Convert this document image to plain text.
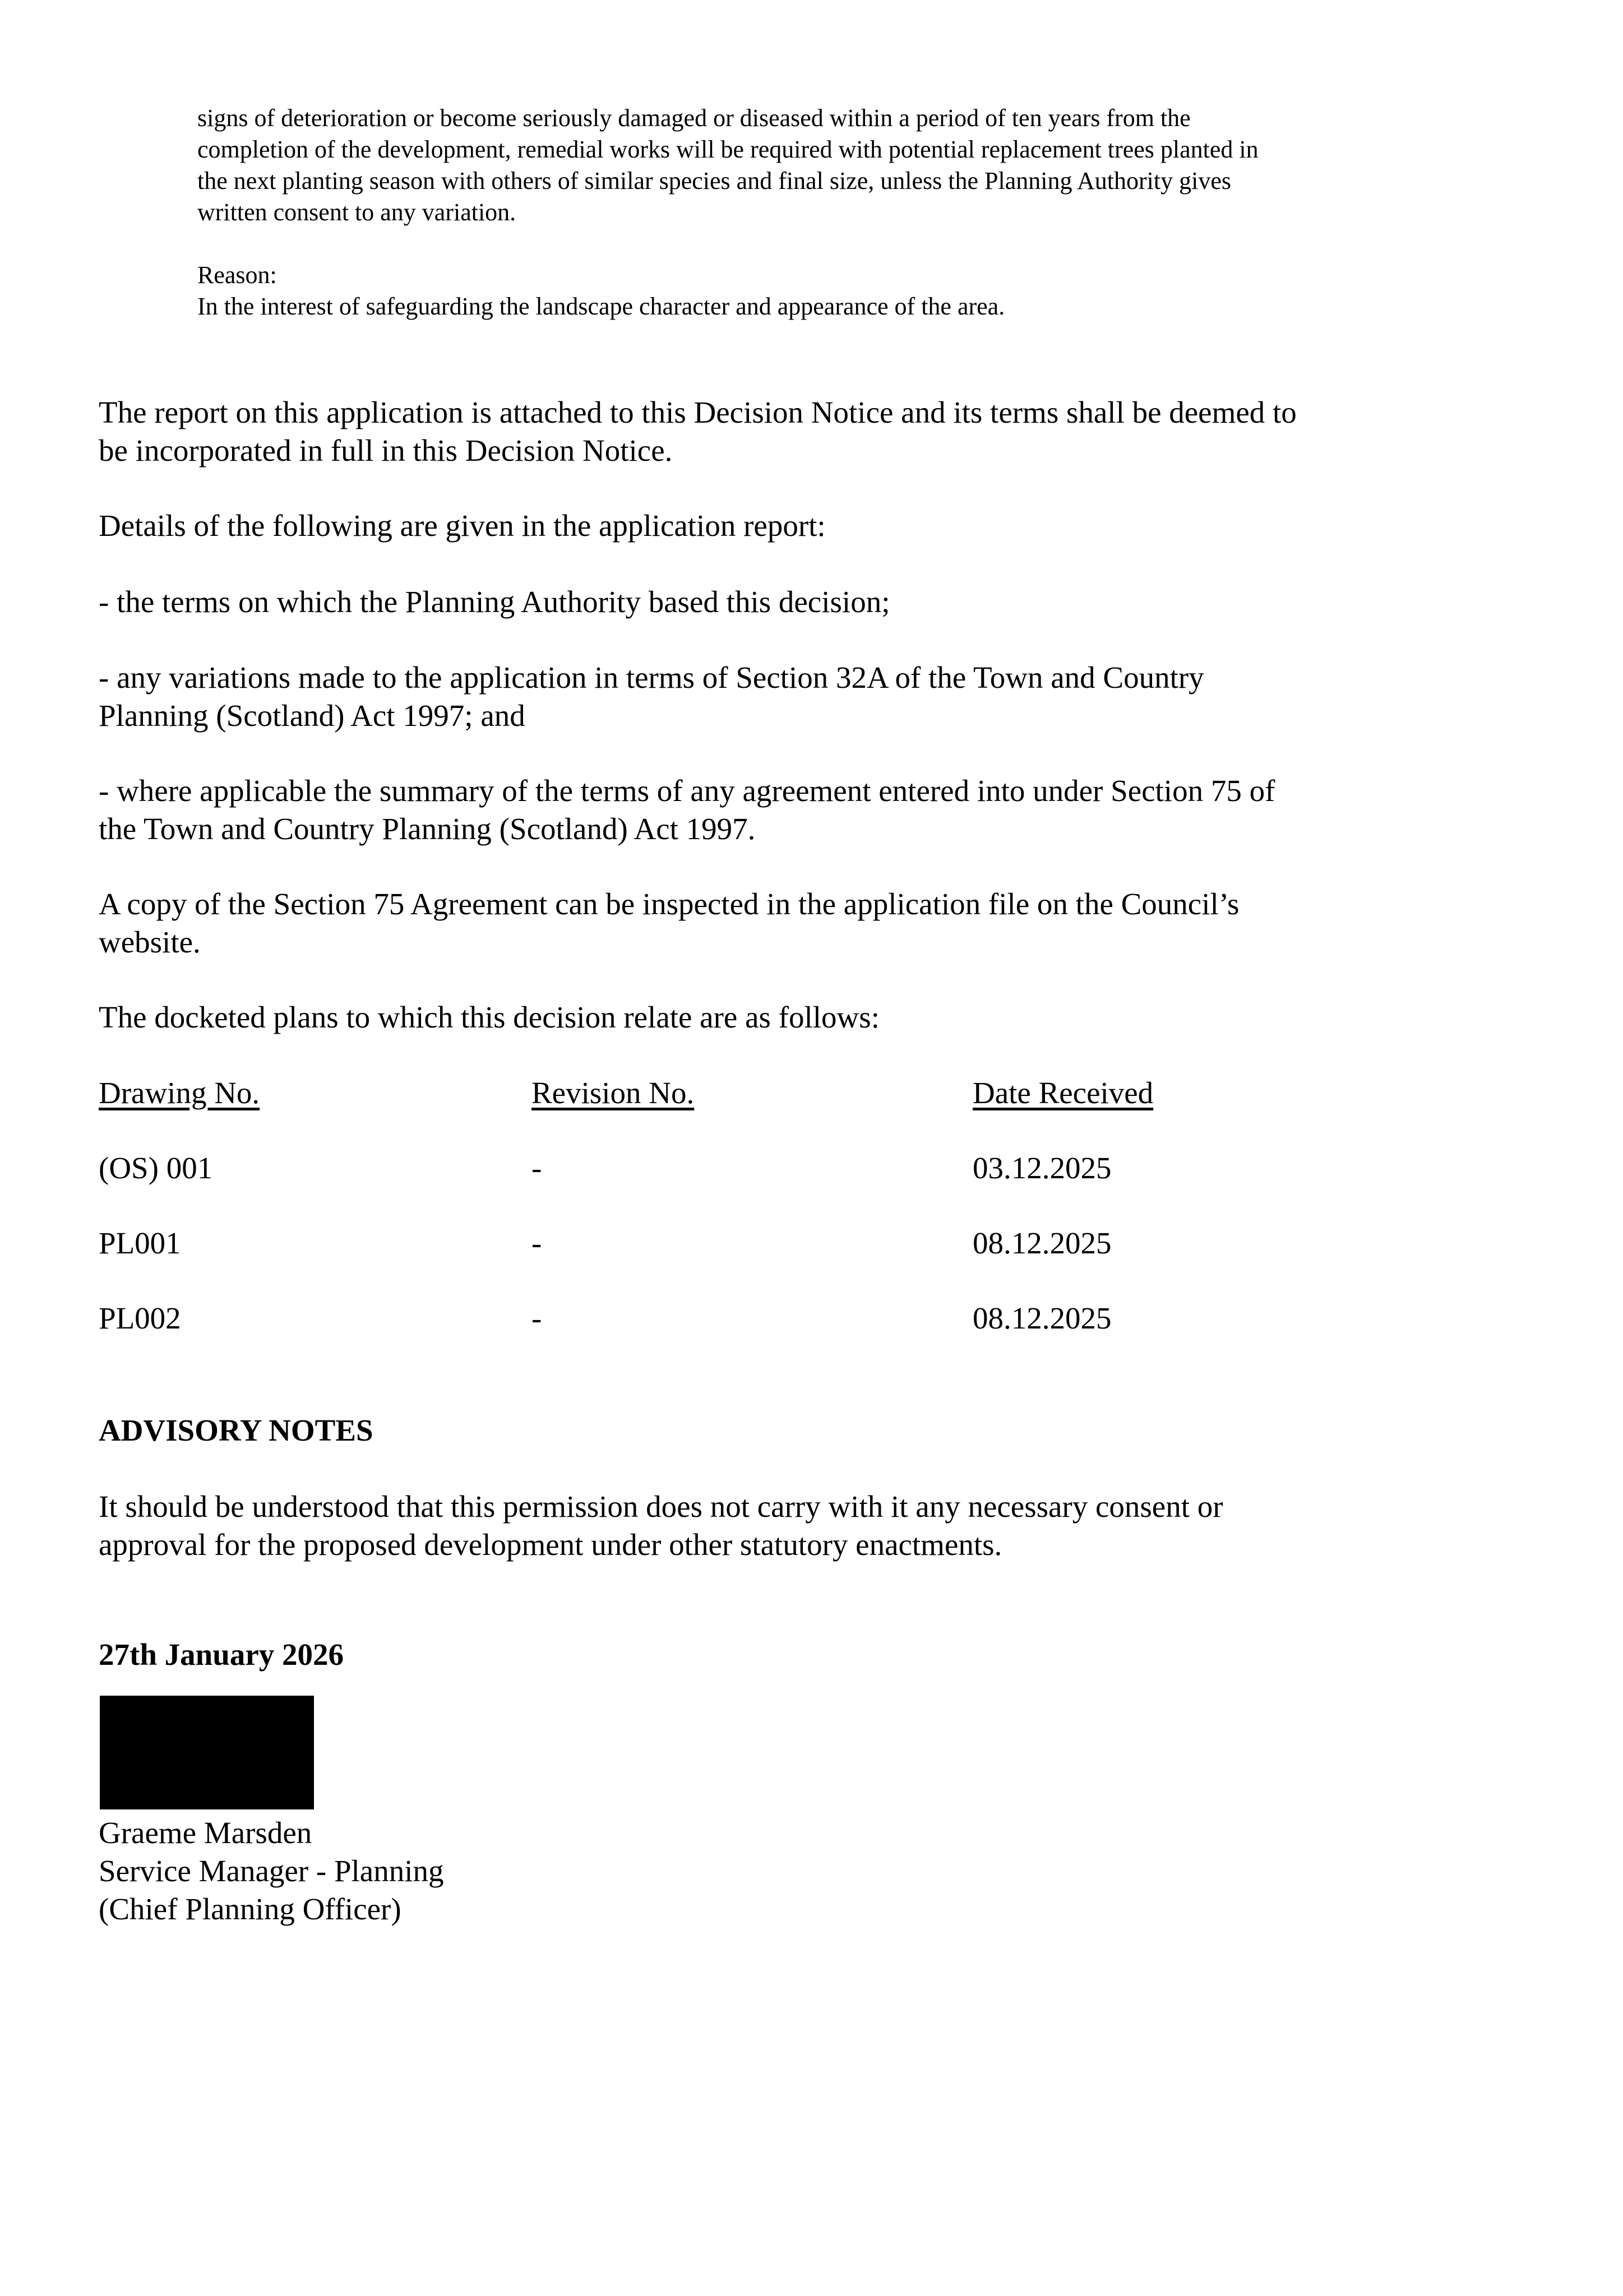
signs of deterioration or become seriously damaged or diseased within a period of ten years from the

completion of the development, remedial works will be required with potential replacement trees planted in

the next planting season with others of similar species and final size, unless the Planning Authority gives

written consent to any variation.

Reason:

In the interest of safeguarding the landscape character and appearance of the area.

The report on this application is attached to this Decision Notice and its terms shall be deemed to

be incorporated in full in this Decision Notice.

Details of the following are given in the application report:

- the terms on which the Planning Authority based this decision;

- any variations made to the application in terms of Section 32A of the Town and Country

Planning (Scotland) Act 1997; and

- where applicable the summary of the terms of any agreement entered into under Section 75 of

the Town and Country Planning (Scotland) Act 1997.

A copy of the Section 75 Agreement can be inspected in the application file on the Council’s

website.

The docketed plans to which this decision relate are as follows:

Drawing No.	Revision No.	Date Received
(OS) 001	-	03.12.2025
PL001	-	08.12.2025
PL002	-	08.12.2025

ADVISORY NOTES

It should be understood that this permission does not carry with it any necessary consent or

approval for the proposed development under other statutory enactments.

27th January 2026

Graeme Marsden

Service Manager - Planning

(Chief Planning Officer)
